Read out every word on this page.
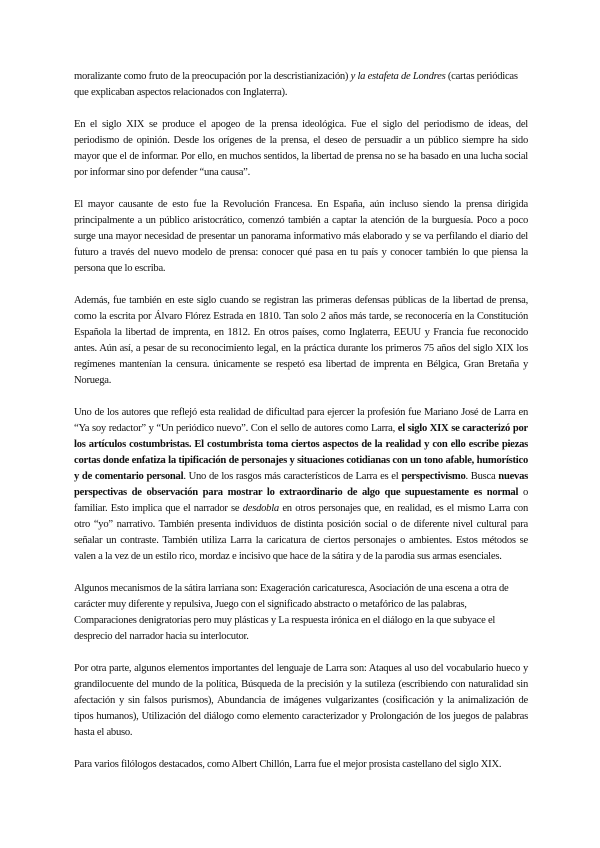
moralizante como fruto de la preocupación por la descristianización) y la estafeta de Londres (cartas periódicas que explicaban aspectos relacionados con Inglaterra).

En el siglo XIX se produce el apogeo de la prensa ideológica. Fue el siglo del periodismo de ideas, del periodismo de opinión. Desde los orígenes de la prensa, el deseo de persuadir a un público siempre ha sido mayor que el de informar. Por ello, en muchos sentidos, la libertad de prensa no se ha basado en una lucha social por informar sino por defender “una causa”.

El mayor causante de esto fue la Revolución Francesa. En España, aún incluso siendo la prensa dirigida principalmente a un público aristocrático, comenzó también a captar la atención de la burguesía. Poco a poco surge una mayor necesidad de presentar un panorama informativo más elaborado y se va perfilando el diario del futuro a través del nuevo modelo de prensa: conocer qué pasa en tu país y conocer también lo que piensa la persona que lo escriba.

Además, fue también en este siglo cuando se registran las primeras defensas públicas de la libertad de prensa, como la escrita por Álvaro Flórez Estrada en 1810. Tan solo 2 años más tarde, se reconocería en la Constitución Española la libertad de imprenta, en 1812. En otros países, como Inglaterra, EEUU y Francia fue reconocido antes. Aún así, a pesar de su reconocimiento legal, en la práctica durante los primeros 75 años del siglo XIX los regímenes mantenían la censura. únicamente se respetó esa libertad de imprenta en Bélgica, Gran Bretaña y Noruega.

Uno de los autores que reflejó esta realidad de dificultad para ejercer la profesión fue Mariano José de Larra en “Ya soy redactor” y “Un periódico nuevo”. Con el sello de autores como Larra, el siglo XIX se caracterizó por los artículos costumbristas. El costumbrista toma ciertos aspectos de la realidad y con ello escribe piezas cortas donde enfatiza la tipificación de personajes y situaciones cotidianas con un tono afable, humorístico y de comentario personal. Uno de los rasgos más característicos de Larra es el perspectivismo. Busca nuevas perspectivas de observación para mostrar lo extraordinario de algo que supuestamente es normal o familiar. Esto implica que el narrador se desdobla en otros personajes que, en realidad, es el mismo Larra con otro “yo” narrativo. También presenta individuos de distinta posición social o de diferente nivel cultural para señalar un contraste. También utiliza Larra la caricatura de ciertos personajes o ambientes. Estos métodos se valen a la vez de un estilo rico, mordaz e incisivo que hace de la sátira y de la parodia sus armas esenciales.

Algunos mecanismos de la sátira larriana son: Exageración caricaturesca, Asociación de una escena a otra de carácter muy diferente y repulsiva, Juego con el significado abstracto o metafórico de las palabras, Comparaciones denigratorias pero muy plásticas y La respuesta irónica en el diálogo en la que subyace el desprecio del narrador hacia su interlocutor.

Por otra parte, algunos elementos importantes del lenguaje de Larra son: Ataques al uso del vocabulario hueco y grandilocuente del mundo de la política, Búsqueda de la precisión y la sutileza (escribiendo con naturalidad sin afectación y sin falsos purismos), Abundancia de imágenes vulgarizantes (cosificación y la animalización de tipos humanos), Utilización del diálogo como elemento caracterizador y Prolongación de los juegos de palabras hasta el abuso.

Para varios filólogos destacados, como Albert Chillón, Larra fue el mejor prosista castellano del siglo XIX.
